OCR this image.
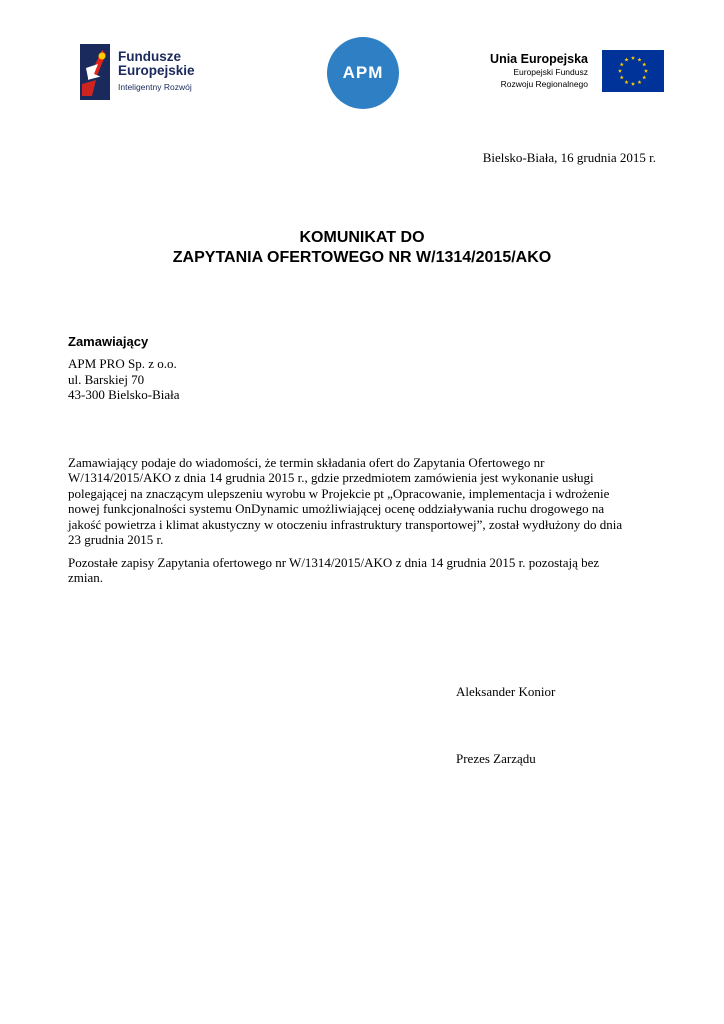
Fundusze
Europejskie
Inteligentny Rozwój
APM
Unia Europejska
Europejski Fundusz
Rozwoju Regionalnego
Bielsko-Biała, 16 grudnia 2015 r.
KOMUNIKAT DO
ZAPYTANIA OFERTOWEGO NR W/1314/2015/AKO
Zamawiający
APM PRO Sp. z o.o.
ul. Barskiej 70
43-300 Bielsko-Biała
Zamawiający podaje do wiadomości, że termin składania ofert do Zapytania Ofertowego nr
W/1314/2015/AKO z dnia 14 grudnia 2015 r., gdzie przedmiotem zamówienia jest wykonanie usługi
polegającej na znaczącym ulepszeniu wyrobu w Projekcie pt „Opracowanie, implementacja i wdrożenie
nowej funkcjonalności systemu OnDynamic umożliwiającej ocenę oddziaływania ruchu drogowego na
jakość powietrza i klimat akustyczny w otoczeniu infrastruktury transportowej”, został wydłużony do dnia
23 grudnia 2015 r.
Pozostałe zapisy Zapytania ofertowego nr W/1314/2015/AKO z dnia 14 grudnia 2015 r. pozostają bez
zmian.
Aleksander Konior
Prezes Zarządu
